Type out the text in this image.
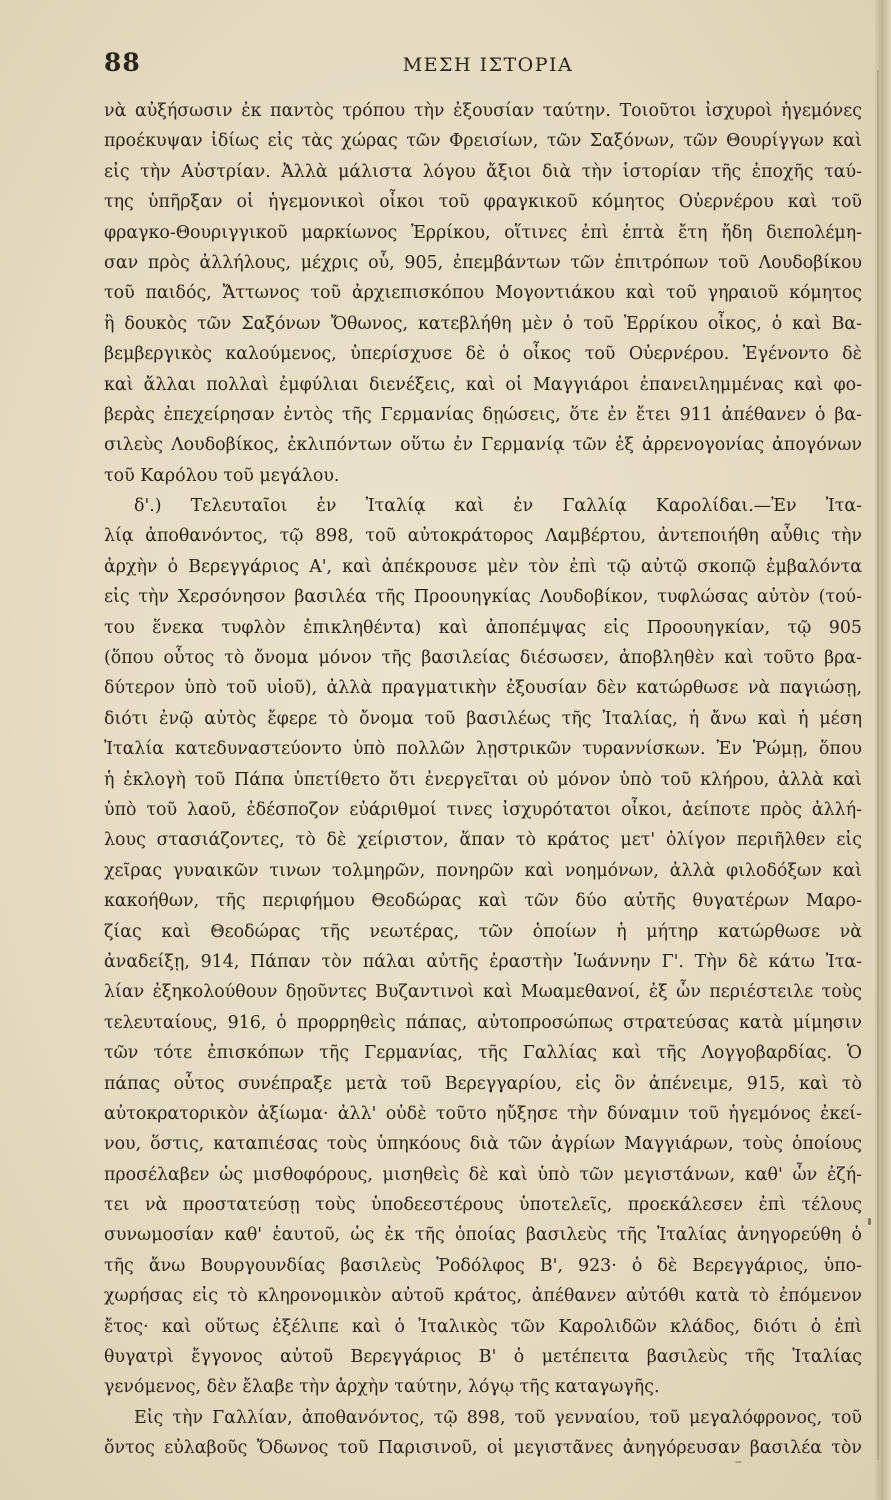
88	ΜΕΣΗ ΙΣΤΟΡΙΑ
νὰ αὐξήσωσιν ἐκ παντὸς τρόπου τὴν ἐξουσίαν ταύτην. Τοιοῦτοι ἰσχυροὶ ἡγεμόνες
προέκυψαν ἰδίως εἰς τὰς χώρας τῶν Φρεισίων, τῶν Σαξόνων, τῶν Θουρίγγων καὶ
εἰς τὴν Αὐστρίαν. Ἀλλὰ μάλιστα λόγου ἄξιοι διὰ τὴν ἱστορίαν τῆς ἐποχῆς ταύ-
της ὑπῆρξαν οἱ ἡγεμονικοὶ οἶκοι τοῦ φραγκικοῦ κόμητος Οὐερνέρου καὶ τοῦ
φραγκο-Θουριγγικοῦ μαρκίωνος Ἐρρίκου, οἵτινες ἐπὶ ἑπτὰ ἔτη ἤδη διεπολέμη-
σαν πρὸς ἀλλήλους, μέχρις οὗ, 905, ἐπεμβάντων τῶν ἐπιτρόπων τοῦ Λουδοβίκου
τοῦ παιδός, Ἄττωνος τοῦ ἀρχιεπισκόπου Μογοντιάκου καὶ τοῦ γηραιοῦ κόμητος
ἢ δουκὸς τῶν Σαξόνων Ὄθωνος, κατεβλήθη μὲν ὁ τοῦ Ἐρρίκου οἶκος, ὁ καὶ Βα-
βεμβεργικὸς καλούμενος, ὑπερίσχυσε δὲ ὁ οἶκος τοῦ Οὐερνέρου. Ἐγένοντο δὲ
καὶ ἄλλαι πολλαὶ ἐμφύλιαι διενέξεις, καὶ οἱ Μαγγιάροι ἐπανειλημμένας καὶ φο-
βερὰς ἐπεχείρησαν ἐντὸς τῆς Γερμανίας δῃώσεις, ὅτε ἐν ἔτει 911 ἀπέθανεν ὁ βα-
σιλεὺς Λουδοβίκος, ἐκλιπόντων οὕτω ἐν Γερμανίᾳ τῶν ἐξ ἀρρενογονίας ἀπογόνων
τοῦ Καρόλου τοῦ μεγάλου.
δ'.) Τελευταῖοι ἐν Ἰταλίᾳ καὶ ἐν Γαλλίᾳ Καρολίδαι.—Ἐν Ἰτα-
λίᾳ ἀποθανόντος, τῷ 898, τοῦ αὐτοκράτορος Λαμβέρτου, ἀντεποιήθη αὖθις τὴν
ἀρχὴν ὁ Βερεγγάριος Α', καὶ ἀπέκρουσε μὲν τὸν ἐπὶ τῷ αὐτῷ σκοπῷ ἐμβαλόντα
εἰς τὴν Χερσόνησον βασιλέα τῆς Προουηγκίας Λουδοβίκον, τυφλώσας αὐτὸν (τού-
του ἕνεκα τυφλὸν ἐπικληθέντα) καὶ ἀποπέμψας εἰς Προουηγκίαν, τῷ 905
(ὅπου οὗτος τὸ ὄνομα μόνον τῆς βασιλείας διέσωσεν, ἀποβληθὲν καὶ τοῦτο βρα-
δύτερον ὑπὸ τοῦ υἱοῦ), ἀλλὰ πραγματικὴν ἐξουσίαν δὲν κατώρθωσε νὰ παγιώσῃ,
διότι ἐνῷ αὐτὸς ἔφερε τὸ ὄνομα τοῦ βασιλέως τῆς Ἰταλίας, ἡ ἄνω καὶ ἡ μέση
Ἰταλία κατεδυναστεύοντο ὑπὸ πολλῶν λῃστρικῶν τυραννίσκων. Ἐν Ῥώμῃ, ὅπου
ἡ ἐκλογὴ τοῦ Πάπα ὑπετίθετο ὅτι ἐνεργεῖται οὐ μόνον ὑπὸ τοῦ κλήρου, ἀλλὰ καὶ
ὑπὸ τοῦ λαοῦ, ἐδέσποζον εὐάριθμοί τινες ἰσχυρότατοι οἶκοι, ἀείποτε πρὸς ἀλλή-
λους στασιάζοντες, τὸ δὲ χείριστον, ἅπαν τὸ κράτος μετ' ὀλίγον περιῆλθεν εἰς
χεῖρας γυναικῶν τινων τολμηρῶν, πονηρῶν καὶ νοημόνων, ἀλλὰ φιλοδόξων καὶ
κακοήθων, τῆς περιφήμου Θεοδώρας καὶ τῶν δύο αὐτῆς θυγατέρων Μαρο-
ζίας καὶ Θεοδώρας τῆς νεωτέρας, τῶν ὁποίων ἡ μήτηρ κατώρθωσε νὰ
ἀναδείξῃ, 914, Πάπαν τὸν πάλαι αὐτῆς ἐραστὴν Ἰωάννην Γ'. Τὴν δὲ κάτω Ἰτα-
λίαν ἐξηκολούθουν δῃοῦντες Βυζαντινοὶ καὶ Μωαμεθανοί, ἐξ ὧν περιέστειλε τοὺς
τελευταίους, 916, ὁ προρρηθεὶς πάπας, αὐτοπροσώπως στρατεύσας κατὰ μίμησιν
τῶν τότε ἐπισκόπων τῆς Γερμανίας, τῆς Γαλλίας καὶ τῆς Λογγοβαρδίας. Ὁ
πάπας οὗτος συνέπραξε μετὰ τοῦ Βερεγγαρίου, εἰς ὃν ἀπένειμε, 915, καὶ τὸ
αὐτοκρατορικὸν ἀξίωμα· ἀλλ' οὐδὲ τοῦτο ηὔξησε τὴν δύναμιν τοῦ ἡγεμόνος ἐκεί-
νου, ὅστις, καταπιέσας τοὺς ὑπηκόους διὰ τῶν ἀγρίων Μαγγιάρων, τοὺς ὁποίους
προσέλαβεν ὡς μισθοφόρους, μισηθεὶς δὲ καὶ ὑπὸ τῶν μεγιστάνων, καθ' ὧν ἐζή-
τει νὰ προστατεύσῃ τοὺς ὑποδεεστέρους ὑποτελεῖς, προεκάλεσεν ἐπὶ τέλους
συνωμοσίαν καθ' ἑαυτοῦ, ὡς ἐκ τῆς ὁποίας βασιλεὺς τῆς Ἰταλίας ἀνηγορεύθη ὁ
τῆς ἄνω Βουργουνδίας βασιλεὺς Ῥοδόλφος Β', 923· ὁ δὲ Βερεγγάριος, ὑπο-
χωρήσας εἰς τὸ κληρονομικὸν αὐτοῦ κράτος, ἀπέθανεν αὐτόθι κατὰ τὸ ἐπόμενον
ἔτος· καὶ οὕτως ἐξέλιπε καὶ ὁ Ἰταλικὸς τῶν Καρολιδῶν κλάδος, διότι ὁ ἐπὶ
θυγατρὶ ἔγγονος αὐτοῦ Βερεγγάριος Β' ὁ μετέπειτα βασιλεὺς τῆς Ἰταλίας
γενόμενος, δὲν ἔλαβε τὴν ἀρχὴν ταύτην, λόγῳ τῆς καταγωγῆς.
Εἰς τὴν Γαλλίαν, ἀποθανόντος, τῷ 898, τοῦ γενναίου, τοῦ μεγαλόφρονος, τοῦ
ὄντος εὐλαβοῦς Ὄδωνος τοῦ Παρισινοῦ, οἱ μεγιστᾶνες ἀνηγόρευσαν βασιλέα τὸν
–
